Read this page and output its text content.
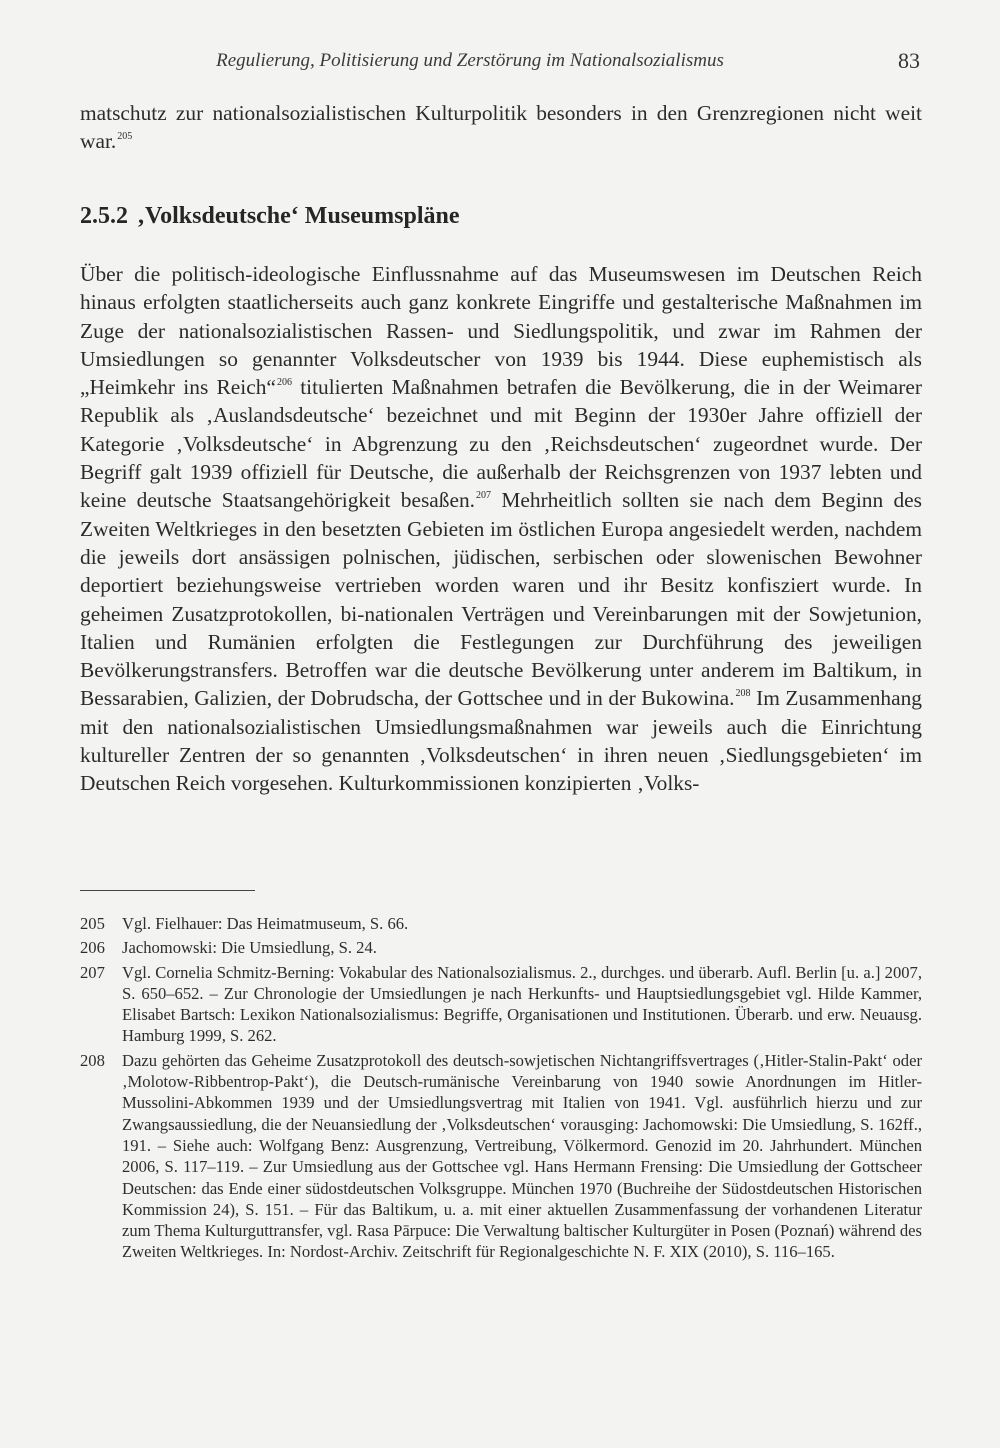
Regulierung, Politisierung und Zerstörung im Nationalsozialismus	83

matschutz zur nationalsozialistischen Kulturpolitik besonders in den Grenzregionen nicht weit war.$^{205}$

2.5.2 ‚Volksdeutsche‘ Museumspläne

Über die politisch-ideologische Einflussnahme auf das Museumswesen im Deutschen Reich hinaus erfolgten staatlicherseits auch ganz konkrete Eingriffe und gestalterische Maßnahmen im Zuge der nationalsozialistischen Rassen- und Siedlungspolitik, und zwar im Rahmen der Umsiedlungen so genannter Volksdeutscher von 1939 bis 1944. Diese euphemistisch als „Heimkehr ins Reich“$^{206}$ titulierten Maßnahmen betrafen die Bevölkerung, die in der Weimarer Republik als ‚Auslandsdeutsche‘ bezeichnet und mit Beginn der 1930er Jahre offiziell der Kategorie ‚Volksdeutsche‘ in Abgrenzung zu den ‚Reichsdeutschen‘ zugeordnet wurde. Der Begriff galt 1939 offiziell für Deutsche, die außerhalb der Reichsgrenzen von 1937 lebten und keine deutsche Staatsangehörigkeit besaßen.$^{207}$ Mehrheitlich sollten sie nach dem Beginn des Zweiten Weltkrieges in den besetzten Gebieten im östlichen Europa angesiedelt werden, nachdem die jeweils dort ansässigen polnischen, jüdischen, serbischen oder slowenischen Bewohner deportiert beziehungsweise vertrieben worden waren und ihr Besitz konfisziert wurde. In geheimen Zusatzprotokollen, bi-nationalen Verträgen und Vereinbarungen mit der Sowjetunion, Italien und Rumänien erfolgten die Festlegungen zur Durchführung des jeweiligen Bevölkerungstransfers. Betroffen war die deutsche Bevölkerung unter anderem im Baltikum, in Bessarabien, Galizien, der Dobrudscha, der Gottschee und in der Bukowina.$^{208}$ Im Zusammenhang mit den nationalsozialistischen Umsiedlungsmaßnahmen war jeweils auch die Einrichtung kultureller Zentren der so genannten ‚Volksdeutschen‘ in ihren neuen ‚Siedlungsgebieten‘ im Deutschen Reich vorgesehen. Kulturkommissionen konzipierten ‚Volks-

205	Vgl. Fielhauer: Das Heimatmuseum, S. 66.
206	Jachomowski: Die Umsiedlung, S. 24.
207	Vgl. Cornelia Schmitz-Berning: Vokabular des Nationalsozialismus. 2., durchges. und überarb. Aufl. Berlin [u. a.] 2007, S. 650–652. – Zur Chronologie der Umsiedlungen je nach Herkunfts- und Hauptsiedlungsgebiet vgl. Hilde Kammer, Elisabet Bartsch: Lexikon Nationalsozialismus: Begriffe, Organisationen und Institutionen. Überarb. und erw. Neuausg. Hamburg 1999, S. 262.
208	Dazu gehörten das Geheime Zusatzprotokoll des deutsch-sowjetischen Nichtangriffsvertrages (‚Hitler-Stalin-Pakt‘ oder ‚Molotow-Ribbentrop-Pakt‘), die Deutsch-rumänische Vereinbarung von 1940 sowie Anordnungen im Hitler-Mussolini-Abkommen 1939 und der Umsiedlungsvertrag mit Italien von 1941. Vgl. ausführlich hierzu und zur Zwangsaussiedlung, die der Neuansiedlung der ‚Volksdeutschen‘ vorausging: Jachomowski: Die Umsiedlung, S. 162ff., 191. – Siehe auch: Wolfgang Benz: Ausgrenzung, Vertreibung, Völkermord. Genozid im 20. Jahrhundert. München 2006, S. 117–119. – Zur Umsiedlung aus der Gottschee vgl. Hans Hermann Frensing: Die Umsiedlung der Gottscheer Deutschen: das Ende einer südostdeutschen Volksgruppe. München 1970 (Buchreihe der Südostdeutschen Historischen Kommission 24), S. 151. – Für das Baltikum, u. a. mit einer aktuellen Zusammenfassung der vorhandenen Literatur zum Thema Kulturguttransfer, vgl. Rasa Pārpuce: Die Verwaltung baltischer Kulturgüter in Posen (Poznań) während des Zweiten Weltkrieges. In: Nordost-Archiv. Zeitschrift für Regionalgeschichte N. F. XIX (2010), S. 116–165.
